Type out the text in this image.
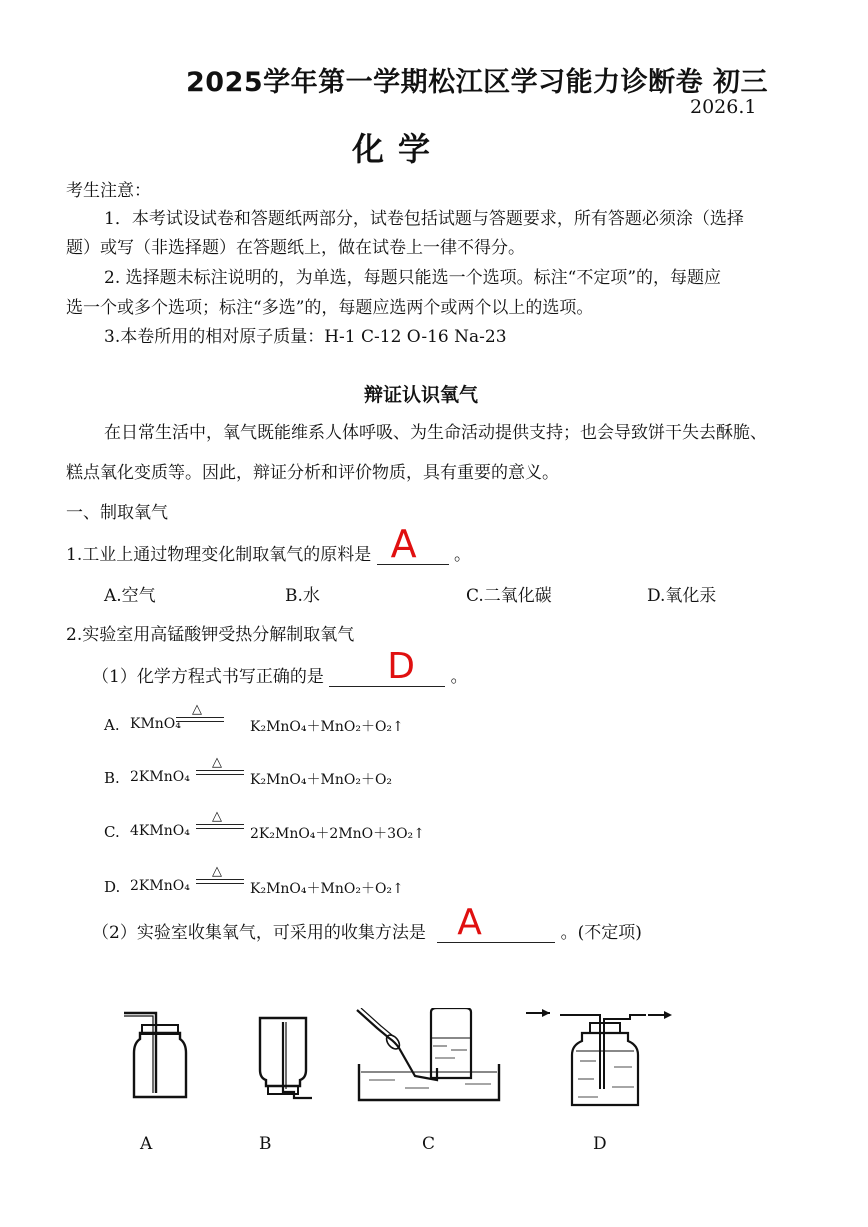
2025学年第一学期松江区学习能力诊断卷 初三
2026.1
化学
考生注意：
1．本考试设试卷和答题纸两部分，试卷包括试题与答题要求，所有答题必须涂（选择
题）或写（非选择题）在答题纸上，做在试卷上一律不得分。
2. 选择题未标注说明的，为单选，每题只能选一个选项。标注“不定项”的，每题应
选一个或多个选项；标注“多选”的，每题应选两个或两个以上的选项。
3.本卷所用的相对原子质量：H-1 C-12 O-16 Na-23
辩证认识氧气
在日常生活中，氧气既能维系人体呼吸、为生命活动提供支持；也会导致饼干失去酥脆、
糕点氧化变质等。因此，辩证分析和评价物质，具有重要的意义。
一、制取氧气
1.工业上通过物理变化制取氧气的原料是 A 。
A.空气	B.水	C.二氧化碳	D.氧化汞
2.实验室用高锰酸钾受热分解制取氧气
（1）化学方程式书写正确的是 D 。
A. KMnO₄
△
K₂MnO₄＋MnO₂＋O₂↑
B. 2KMnO₄
△
K₂MnO₄＋MnO₂＋O₂
C. 4KMnO₄
△
2K₂MnO₄＋2MnO＋3O₂↑
D. 2KMnO₄
△
K₂MnO₄＋MnO₂＋O₂↑
（2）实验室收集氧气，可采用的收集方法是 A	。(不定项)
A	B	C	D
